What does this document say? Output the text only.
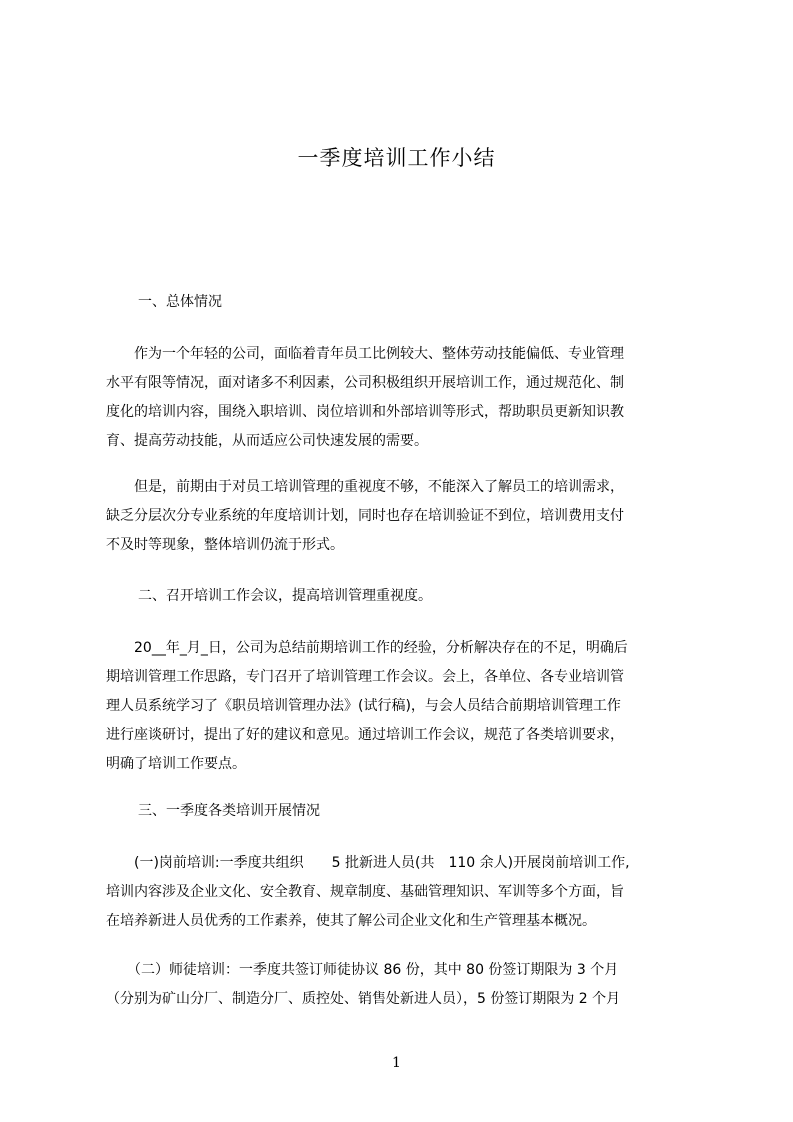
一季度培训工作小结
一、总体情况
　　作为一个年轻的公司，面临着青年员工比例较大、整体劳动技能偏低、专业管理
水平有限等情况，面对诸多不利因素，公司积极组织开展培训工作，通过规范化、制
度化的培训内容，围绕入职培训、岗位培训和外部培训等形式，帮助职员更新知识教
育、提高劳动技能，从而适应公司快速发展的需要。
　　但是，前期由于对员工培训管理的重视度不够，不能深入了解员工的培训需求，
缺乏分层次分专业系统的年度培训计划，同时也存在培训验证不到位，培训费用支付
不及时等现象，整体培训仍流于形式。
二、召开培训工作会议，提高培训管理重视度。
　　20__年_月_日，公司为总结前期培训工作的经验，分析解决存在的不足，明确后
期培训管理工作思路，专门召开了培训管理工作会议。会上，各单位、各专业培训管
理人员系统学习了《职员培训管理办法》(试行稿)，与会人员结合前期培训管理工作
进行座谈研讨，提出了好的建议和意见。通过培训工作会议，规范了各类培训要求，
明确了培训工作要点。
三、一季度各类培训开展情况
　　(一)岗前培训:一季度共组织　　5 批新进人员(共　110 余人)开展岗前培训工作,
培训内容涉及企业文化、安全教育、规章制度、基础管理知识、军训等多个方面，旨
在培养新进人员优秀的工作素养，使其了解公司企业文化和生产管理基本概况。
　　（二）师徒培训：一季度共签订师徒协议 86 份，其中 80 份签订期限为 3 个月
（分别为矿山分厂、制造分厂、质控处、销售处新进人员），5 份签订期限为 2 个月
1
